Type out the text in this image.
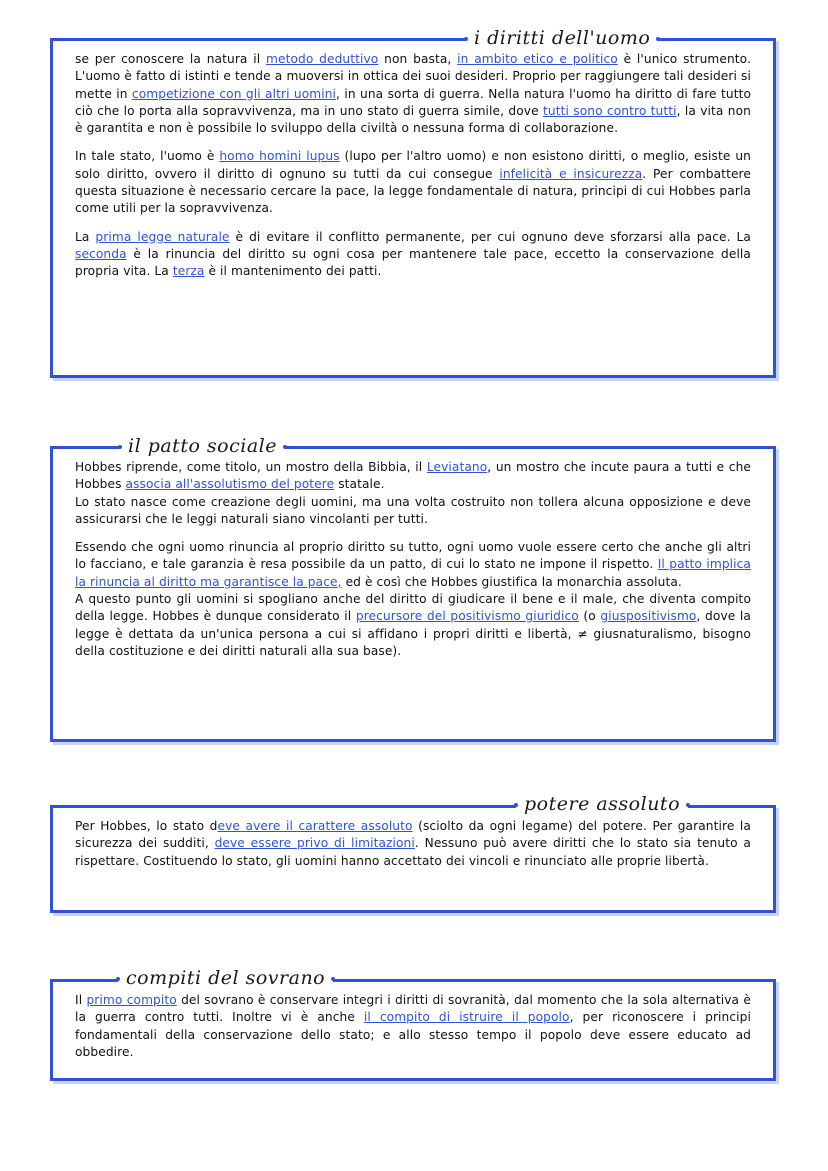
se per conoscere la natura il metodo deduttivo non basta, in ambito etico e politico è l'unico strumento. L'uomo è fatto di istinti e tende a muoversi in ottica dei suoi desideri. Proprio per raggiungere tali desideri si mette in competizione con gli altri uomini, in una sorta di guerra. Nella natura l'uomo ha diritto di fare tutto ciò che lo porta alla sopravvivenza, ma in uno stato di guerra simile, dove tutti sono contro tutti, la vita non è garantita e non è possibile lo sviluppo della civiltà o nessuna forma di collaborazione.

In tale stato, l'uomo è homo homini lupus (lupo per l'altro uomo) e non esistono diritti, o meglio, esiste un solo diritto, ovvero il diritto di ognuno su tutti da cui consegue infelicità e insicurezza. Per combattere questa situazione è necessario cercare la pace, la legge fondamentale di natura, principi di cui Hobbes parla come utili per la sopravvivenza.

La prima legge naturale è di evitare il conflitto permanente, per cui ognuno deve sforzarsi alla pace. La seconda è la rinuncia del diritto su ogni cosa per mantenere tale pace, eccetto la conservazione della propria vita. La terza è il mantenimento dei patti.

i diritti dell'uomo

Hobbes riprende, come titolo, un mostro della Bibbia, il Leviatano, un mostro che incute paura a tutti e che Hobbes associa all'assolutismo del potere statale.

Lo stato nasce come creazione degli uomini, ma una volta costruito non tollera alcuna opposizione e deve assicurarsi che le leggi naturali siano vincolanti per tutti.

Essendo che ogni uomo rinuncia al proprio diritto su tutto, ogni uomo vuole essere certo che anche gli altri lo facciano, e tale garanzia è resa possibile da un patto, di cui lo stato ne impone il rispetto. Il patto implica la rinuncia al diritto ma garantisce la pace, ed è così che Hobbes giustifica la monarchia assoluta.

A questo punto gli uomini si spogliano anche del diritto di giudicare il bene e il male, che diventa compito della legge. Hobbes è dunque considerato il precursore del positivismo giuridico (o giuspositivismo, dove la legge è dettata da un'unica persona a cui si affidano i propri diritti e libertà, ≠ giusnaturalismo, bisogno della costituzione e dei diritti naturali alla sua base).

il patto sociale

Per Hobbes, lo stato deve avere il carattere assoluto (sciolto da ogni legame) del potere. Per garantire la sicurezza dei sudditi, deve essere privo di limitazioni. Nessuno può avere diritti che lo stato sia tenuto a rispettare. Costituendo lo stato, gli uomini hanno accettato dei vincoli e rinunciato alle proprie libertà.

potere assoluto

Il primo compito del sovrano è conservare integri i diritti di sovranità, dal momento che la sola alternativa è la guerra contro tutti. Inoltre vi è anche il compito di istruire il popolo, per riconoscere i principi fondamentali della conservazione dello stato; e allo stesso tempo il popolo deve essere educato ad obbedire.

compiti del sovrano
